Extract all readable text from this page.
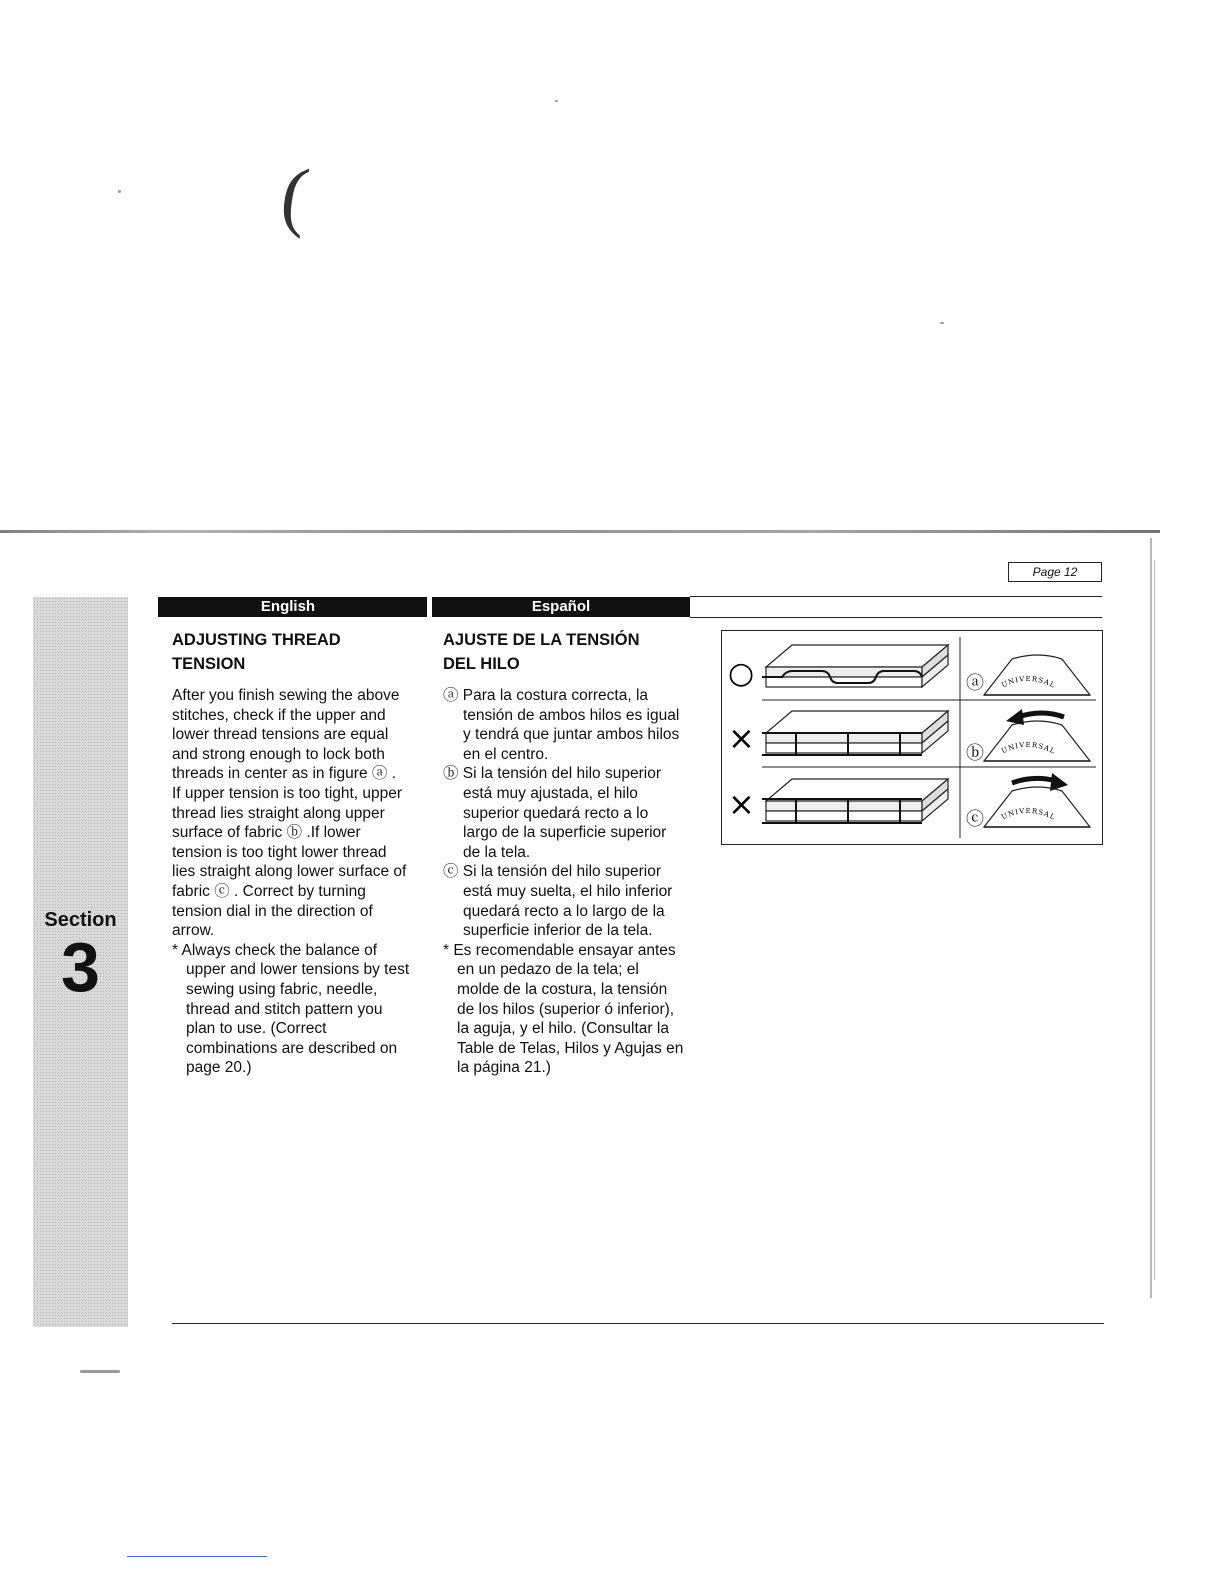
(
Page 12
Section
3
English	Español
ADJUSTING THREAD
TENSION

After you finish sewing the above stitches, check if the upper and lower thread tensions are equal and strong enough to lock both threads in center as in figure ⓐ .

If upper tension is too tight, upper thread lies straight along upper surface of fabric ⓑ .If lower tension is too tight lower thread lies straight along lower surface of fabric ⓒ . Correct by turning tension dial in the direction of arrow.

* Always check the balance of upper and lower tensions by test sewing using fabric, needle, thread and stitch pattern you plan to use. (Correct combinations are described on page 20.)

AJUSTE DE LA TENSIÓN
DEL HILO

ⓐ Para la costura correcta, la tensión de ambos hilos es igual y tendrá que juntar ambos hilos en el centro.

ⓑ Si la tensión del hilo superior está muy ajustada, el hilo superior quedará recto a lo largo de la superficie superior de la tela.

ⓒ Si la tensión del hilo superior está muy suelta, el hilo inferior quedará recto a lo largo de la superficie inferior de la tela.

* Es recomendable ensayar antes en un pedazo de la tela; el molde de la costura, la tensión de los hilos (superior ó inferior), la aguja, y el hilo. (Consultar la Table de Telas, Hilos y Agujas en la página 21.)

○
×
×
ⓐ
ⓑ
ⓒ
UNIVERSAL
UNIVERSAL
UNIVERSAL
